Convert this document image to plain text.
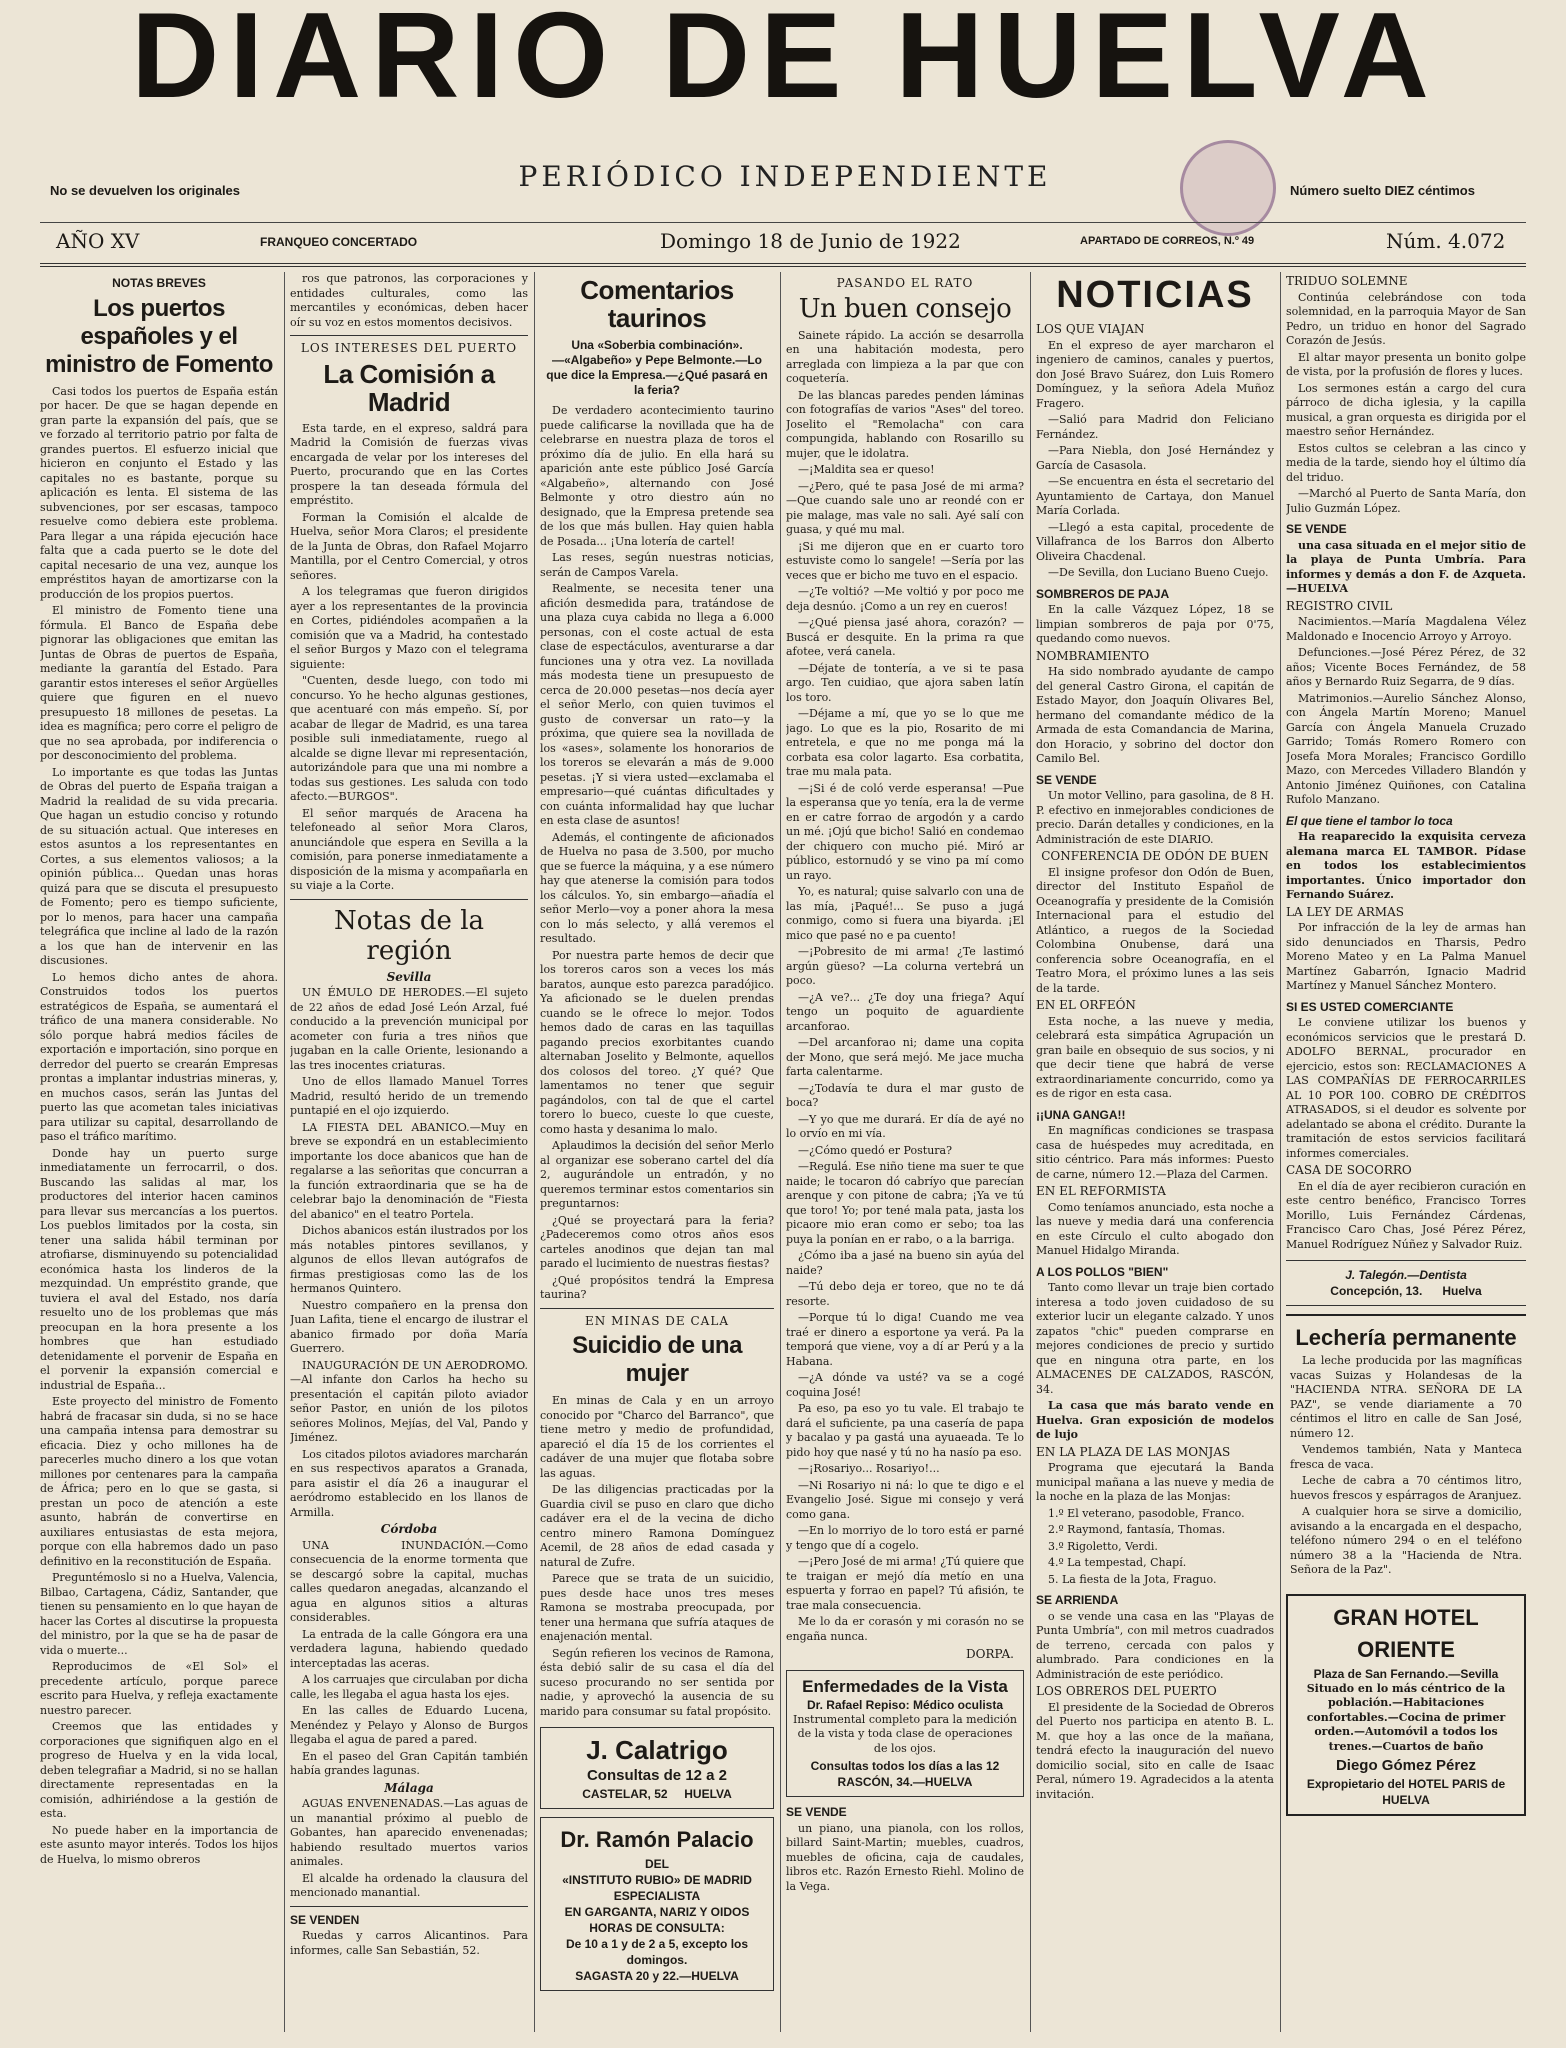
DIARIO DE HUELVA
PERIÓDICO INDEPENDIENTE
No se devuelven los originales	Número suelto DIEZ céntimos
AÑO XV	FRANQUEO CONCERTADO	Domingo 18 de Junio de 1922	APARTADO DE CORREOS, N.º 49	Núm. 4.072
NOTAS BREVES
Los puertos españoles y el ministro de Fomento

Casi todos los puertos de España están por hacer. De que se hagan depende en gran parte la expansión del país, que se ve forzado al territorio patrio por falta de grandes puertos. El esfuerzo inicial que hicieron en conjunto el Estado y las capitales no es bastante, porque su aplicación es lenta. El sistema de las subvenciones, por ser escasas, tampoco resuelve como debiera este problema. Para llegar a una rápida ejecución hace falta que a cada puerto se le dote del capital necesario de una vez, aunque los empréstitos hayan de amortizarse con la producción de los propios puertos.

El ministro de Fomento tiene una fórmula. El Banco de España debe pignorar las obligaciones que emitan las Juntas de Obras de puertos de España, mediante la garantía del Estado. Para garantir estos intereses el señor Argüelles quiere que figuren en el nuevo presupuesto 18 millones de pesetas. La idea es magnífica; pero corre el peligro de que no sea aprobada, por indiferencia o por desconocimiento del problema.

Lo importante es que todas las Juntas de Obras del puerto de España traigan a Madrid la realidad de su vida precaria. Que hagan un estudio conciso y rotundo de su situación actual. Que intereses en estos asuntos a los representantes en Cortes, a sus elementos valiosos; a la opinión pública... Quedan unas horas quizá para que se discuta el presupuesto de Fomento; pero es tiempo suficiente, por lo menos, para hacer una campaña telegráfica que incline al lado de la razón a los que han de intervenir en las discusiones.

Lo hemos dicho antes de ahora. Construidos todos los puertos estratégicos de España, se aumentará el tráfico de una manera considerable. No sólo porque habrá medios fáciles de exportación e importación, sino porque en derredor del puerto se crearán Empresas prontas a implantar industrias mineras, y, en muchos casos, serán las Juntas del puerto las que acometan tales iniciativas para utilizar su capital, desarrollando de paso el tráfico marítimo.

Donde hay un puerto surge inmediatamente un ferrocarril, o dos. Buscando las salidas al mar, los productores del interior hacen caminos para llevar sus mercancías a los puertos. Los pueblos limitados por la costa, sin tener una salida hábil terminan por atrofiarse, disminuyendo su potencialidad económica hasta los linderos de la mezquindad. Un empréstito grande, que tuviera el aval del Estado, nos daría resuelto uno de los problemas que más preocupan en la hora presente a los hombres que han estudiado detenidamente el porvenir de España en el porvenir la expansión comercial e industrial de España...

Este proyecto del ministro de Fomento habrá de fracasar sin duda, si no se hace una campaña intensa para demostrar su eficacia. Diez y ocho millones ha de parecerles mucho dinero a los que votan millones por centenares para la campaña de África; pero en lo que se gasta, si prestan un poco de atención a este asunto, habrán de convertirse en auxiliares entusiastas de esta mejora, porque con ella habremos dado un paso definitivo en la reconstitución de España.

Preguntémoslo si no a Huelva, Valencia, Bilbao, Cartagena, Cádiz, Santander, que tienen su pensamiento en lo que hayan de hacer las Cortes al discutirse la propuesta del ministro, por la que se ha de pasar de vida o muerte...

Reproducimos de «El Sol» el precedente artículo, porque parece escrito para Huelva, y refleja exactamente nuestro parecer.

Creemos que las entidades y corporaciones que signifiquen algo en el progreso de Huelva y en la vida local, deben telegrafiar a Madrid, si no se hallan directamente representadas en la comisión, adhiriéndose a la gestión de esta.

No puede haber en la importancia de este asunto mayor interés. Todos los hijos de Huelva, lo mismo obreros

ros que patronos, las corporaciones y entidades culturales, como las mercantiles y económicas, deben hacer oír su voz en estos momentos decisivos.

LOS INTERESES DEL PUERTO
La Comisión a Madrid

Esta tarde, en el expreso, saldrá para Madrid la Comisión de fuerzas vivas encargada de velar por los intereses del Puerto, procurando que en las Cortes prospere la tan deseada fórmula del empréstito.

Forman la Comisión el alcalde de Huelva, señor Mora Claros; el presidente de la Junta de Obras, don Rafael Mojarro Mantilla, por el Centro Comercial, y otros señores.

A los telegramas que fueron dirigidos ayer a los representantes de la provincia en Cortes, pidiéndoles acompañen a la comisión que va a Madrid, ha contestado el señor Burgos y Mazo con el telegrama siguiente:

"Cuenten, desde luego, con todo mi concurso. Yo he hecho algunas gestiones, que acentuaré con más empeño. Sí, por acabar de llegar de Madrid, es una tarea posible suli inmediatamente, ruego al alcalde se digne llevar mi representación, autorizándole para que una mi nombre a todas sus gestiones. Les saluda con todo afecto.—BURGOS".

El señor marqués de Aracena ha telefoneado al señor Mora Claros, anunciándole que espera en Sevilla a la comisión, para ponerse inmediatamente a disposición de la misma y acompañarla en su viaje a la Corte.

Notas de la región
Sevilla

UN ÉMULO DE HERODES.—El sujeto de 22 años de edad José León Arzal, fué conducido a la prevención municipal por acometer con furia a tres niños que jugaban en la calle Oriente, lesionando a las tres inocentes criaturas.

Uno de ellos llamado Manuel Torres Madrid, resultó herido de un tremendo puntapié en el ojo izquierdo.

LA FIESTA DEL ABANICO.—Muy en breve se expondrá en un establecimiento importante los doce abanicos que han de regalarse a las señoritas que concurran a la función extraordinaria que se ha de celebrar bajo la denominación de "Fiesta del abanico" en el teatro Portela.

Dichos abanicos están ilustrados por los más notables pintores sevillanos, y algunos de ellos llevan autógrafos de firmas prestigiosas como las de los hermanos Quintero.

Nuestro compañero en la prensa don Juan Lafita, tiene el encargo de ilustrar el abanico firmado por doña María Guerrero.

INAUGURACIÓN DE UN AERODROMO.—Al infante don Carlos ha hecho su presentación el capitán piloto aviador señor Pastor, en unión de los pilotos señores Molinos, Mejías, del Val, Pando y Jiménez.

Los citados pilotos aviadores marcharán en sus respectivos aparatos a Granada, para asistir el día 26 a inaugurar el aeródromo establecido en los llanos de Armilla.

Córdoba

UNA INUNDACIÓN.—Como consecuencia de la enorme tormenta que se descargó sobre la capital, muchas calles quedaron anegadas, alcanzando el agua en algunos sitios a alturas considerables.

La entrada de la calle Góngora era una verdadera laguna, habiendo quedado interceptadas las aceras.

A los carruajes que circulaban por dicha calle, les llegaba el agua hasta los ejes.

En las calles de Eduardo Lucena, Menéndez y Pelayo y Alonso de Burgos llegaba el agua de pared a pared.

En el paseo del Gran Capitán también había grandes lagunas.

Málaga

AGUAS ENVENENADAS.—Las aguas de un manantial próximo al pueblo de Gobantes, han aparecido envenenadas; habiendo resultado muertos varios animales.

El alcalde ha ordenado la clausura del mencionado manantial.

SE VENDEN

Ruedas y carros Alicantinos. Para informes, calle San Sebastián, 52.

Comentarios taurinos
Una «Soberbia combinación».—«Algabeño» y Pepe Belmonte.—Lo que dice la Empresa.—¿Qué pasará en la feria?

De verdadero acontecimiento taurino puede calificarse la novillada que ha de celebrarse en nuestra plaza de toros el próximo día de julio. En ella hará su aparición ante este público José García «Algabeño», alternando con José Belmonte y otro diestro aún no designado, que la Empresa pretende sea de los que más bullen. Hay quien habla de Posada... ¡Una lotería de cartel!

Las reses, según nuestras noticias, serán de Campos Varela.

Realmente, se necesita tener una afición desmedida para, tratándose de una plaza cuya cabida no llega a 6.000 personas, con el coste actual de esta clase de espectáculos, aventurarse a dar funciones una y otra vez. La novillada más modesta tiene un presupuesto de cerca de 20.000 pesetas—nos decía ayer el señor Merlo, con quien tuvimos el gusto de conversar un rato—y la próxima, que quiere sea la novillada de los «ases», solamente los honorarios de los toreros se elevarán a más de 9.000 pesetas. ¡Y si viera usted—exclamaba el empresario—qué cuántas dificultades y con cuánta informalidad hay que luchar en esta clase de asuntos!

Además, el contingente de aficionados de Huelva no pasa de 3.500, por mucho que se fuerce la máquina, y a ese número hay que atenerse la comisión para todos los cálculos. Yo, sin embargo—añadía el señor Merlo—voy a poner ahora la mesa con lo más selecto, y allá veremos el resultado.

Por nuestra parte hemos de decir que los toreros caros son a veces los más baratos, aunque esto parezca paradójico. Ya aficionado se le duelen prendas cuando se le ofrece lo mejor. Todos hemos dado de caras en las taquillas pagando precios exorbitantes cuando alternaban Joselito y Belmonte, aquellos dos colosos del toreo. ¿Y qué? Que lamentamos no tener que seguir pagándolos, con tal de que el cartel torero lo bueco, cueste lo que cueste, como hasta y desanima lo malo.

Aplaudimos la decisión del señor Merlo al organizar ese soberano cartel del día 2, augurándole un entradón, y no queremos terminar estos comentarios sin preguntarnos:

¿Qué se proyectará para la feria? ¿Padeceremos como otros años esos carteles anodinos que dejan tan mal parado el lucimiento de nuestras fiestas?

¿Qué propósitos tendrá la Empresa taurina?

EN MINAS DE CALA
Suicidio de una mujer

En minas de Cala y en un arroyo conocido por "Charco del Barranco", que tiene metro y medio de profundidad, apareció el día 15 de los corrientes el cadáver de una mujer que flotaba sobre las aguas.

De las diligencias practicadas por la Guardia civil se puso en claro que dicho cadáver era el de la vecina de dicho centro minero Ramona Domínguez Acemil, de 28 años de edad casada y natural de Zufre.

Parece que se trata de un suicidio, pues desde hace unos tres meses Ramona se mostraba preocupada, por tener una hermana que sufría ataques de enajenación mental.

Según refieren los vecinos de Ramona, ésta debió salir de su casa el día del suceso procurando no ser sentida por nadie, y aprovechó la ausencia de su marido para consumar su fatal propósito.

J. Calatrigo
Consultas de 12 a 2
CASTELAR, 52 HUELVA
Dr. Ramón Palacio
DEL
«INSTITUTO RUBIO» DE MADRID
ESPECIALISTA
EN GARGANTA, NARIZ Y OIDOS
HORAS DE CONSULTA:
De 10 a 1 y de 2 a 5, excepto los domingos.
SAGASTA 20 y 22.—HUELVA
PASANDO EL RATO
Un buen consejo

Sainete rápido. La acción se desarrolla en una habitación modesta, pero arreglada con limpieza a la par que con coquetería.

De las blancas paredes penden láminas con fotografías de varios "Ases" del toreo. Joselito el "Remolacha" con cara compungida, hablando con Rosarillo su mujer, que le idolatra.

—¡Maldita sea er queso!

—¿Pero, qué te pasa José de mi arma? —Que cuando sale uno ar reondé con er pie malage, mas vale no sali. Ayé salí con guasa, y qué mu mal.

¡Si me dijeron que en er cuarto toro estuviste como lo sangele! —Sería por las veces que er bicho me tuvo en el espacio.

—¿Te voltió? —Me voltió y por poco me deja desnúo. ¡Como a un rey en cueros!

—¿Qué piensa jasé ahora, corazón? —Buscá er desquite. En la prima ra que afotee, verá canela.

—Déjate de tontería, a ve si te pasa argo. Ten cuidiao, que ajora saben latín los toro.

—Déjame a mí, que yo se lo que me jago. Lo que es la pio, Rosarito de mi entretela, e que no me ponga má la corbata esa color lagarto. Esa corbatita, trae mu mala pata.

—¡Si é de coló verde esperansa! —Pue la esperansa que yo tenía, era la de verme en er catre forrao de argodón y a cardo un mé. ¡Ojú que bicho! Salió en condemao der chiquero con mucho pié. Miró ar público, estornudó y se vino pa mí como un rayo.

Yo, es natural; quise salvarlo con una de las mía, ¡Paqué!... Se puso a jugá conmigo, como si fuera una biyarda. ¡El mico que pasé no e pa cuento!

—¡Pobresito de mi arma! ¿Te lastimó argún güeso? —La colurna vertebrá un poco.

—¿A ve?... ¿Te doy una friega? Aquí tengo un poquito de aguardiente arcanforao.

—Del arcanforao ni; dame una copita der Mono, que será mejó. Me jace mucha farta calentarme.

—¿Todavía te dura el mar gusto de boca?

—Y yo que me durará. Er día de ayé no lo orvío en mi vía.

—¿Cómo quedó er Postura?

—Regulá. Ese niño tiene ma suer te que naide; le tocaron dó cabríyo que parecían arenque y con pitone de cabra; ¡Ya ve tú que toro! Yo; por tené mala pata, jasta los picaore mio eran como er sebo; toa las puya la ponían en er rabo, o a la barriga.

¿Cómo iba a jasé na bueno sin ayúa del naide?

—Tú debo deja er toreo, que no te dá resorte.

—Porque tú lo diga! Cuando me vea traé er dinero a esportone ya verá. Pa la temporá que viene, voy a dí ar Perú y a la Habana.

—¿A dónde va usté? va se a cogé coquina José!

Pa eso, pa eso yo tu vale. El trabajo te dará el suficiente, pa una casería de papa y bacalao y pa gastá una ayuaeada. Te lo pido hoy que nasé y tú no ha nasío pa eso.

—¡Rosariyo... Rosariyo!...

—Ni Rosariyo ni ná: lo que te digo e el Evangelio José. Sigue mi consejo y verá como gana.

—En lo morriyo de lo toro está er parné y tengo que dí a cogelo.

—¡Pero José de mi arma! ¿Tú quiere que te traigan er mejó día metío en una espuerta y forrao en papel? Tú afisión, te trae mala consecuencia.

Me lo da er corasón y mi corasón no se engaña nunca.

DORPA.
Enfermedades de la Vista
Dr. Rafael Repiso: Médico oculista

Instrumental completo para la medición de la vista y toda clase de operaciones de los ojos.

Consultas todos los días a las 12
RASCÓN, 34.—HUELVA
SE VENDE

un piano, una pianola, con los rollos, billard Saint-Martin; muebles, cuadros, muebles de oficina, caja de caudales, libros etc. Razón Ernesto Riehl. Molino de la Vega.

NOTICIAS
LOS QUE VIAJAN

En el expreso de ayer marcharon el ingeniero de caminos, canales y puertos, don José Bravo Suárez, don Luis Romero Domínguez, y la señora Adela Muñoz Fragero.

—Salió para Madrid don Feliciano Fernández.

—Para Niebla, don José Hernández y García de Casasola.

—Se encuentra en ésta el secretario del Ayuntamiento de Cartaya, don Manuel María Corlada.

—Llegó a esta capital, procedente de Villafranca de los Barros don Alberto Oliveira Chacdenal.

—De Sevilla, don Luciano Bueno Cuejo.

SOMBREROS DE PAJA

En la calle Vázquez López, 18 se limpian sombreros de paja por 0'75, quedando como nuevos.

NOMBRAMIENTO

Ha sido nombrado ayudante de campo del general Castro Girona, el capitán de Estado Mayor, don Joaquín Olivares Bel, hermano del comandante médico de la Armada de esta Comandancia de Marina, don Horacio, y sobrino del doctor don Camilo Bel.

SE VENDE

Un motor Vellino, para gasolina, de 8 H. P. efectivo en inmejorables condiciones de precio. Darán detalles y condiciones, en la Administración de este DIARIO.

CONFERENCIA DE ODÓN DE BUEN

El insigne profesor don Odón de Buen, director del Instituto Español de Oceanografía y presidente de la Comisión Internacional para el estudio del Atlántico, a ruegos de la Sociedad Colombina Onubense, dará una conferencia sobre Oceanografía, en el Teatro Mora, el próximo lunes a las seis de la tarde.

EN EL ORFEÓN

Esta noche, a las nueve y media, celebrará esta simpática Agrupación un gran baile en obsequio de sus socios, y ni que decir tiene que habrá de verse extraordinariamente concurrido, como ya es de rigor en esta casa.

¡¡UNA GANGA!!

En magníficas condiciones se traspasa casa de huéspedes muy acreditada, en sitio céntrico. Para más informes: Puesto de carne, número 12.—Plaza del Carmen.

EN EL REFORMISTA

Como teníamos anunciado, esta noche a las nueve y media dará una conferencia en este Círculo el culto abogado don Manuel Hidalgo Miranda.

A LOS POLLOS "BIEN"

Tanto como llevar un traje bien cortado interesa a todo joven cuidadoso de su exterior lucir un elegante calzado. Y unos zapatos "chic" pueden comprarse en mejores condiciones de precio y surtido que en ninguna otra parte, en los ALMACENES DE CALZADOS, RASCÓN, 34.

La casa que más barato vende en Huelva. Gran exposición de modelos de lujo

EN LA PLAZA DE LAS MONJAS

Programa que ejecutará la Banda municipal mañana a las nueve y media de la noche en la plaza de las Monjas:

1.º El veterano, pasodoble, Franco.

2.º Raymond, fantasía, Thomas.

3.º Rigoletto, Verdi.

4.º La tempestad, Chapí.

5. La fiesta de la Jota, Fraguo.

SE ARRIENDA

o se vende una casa en las "Playas de Punta Umbría", con mil metros cuadrados de terreno, cercada con palos y alumbrado. Para condiciones en la Administración de este periódico.

LOS OBREROS DEL PUERTO

El presidente de la Sociedad de Obreros del Puerto nos participa en atento B. L. M. que hoy a las once de la mañana, tendrá efecto la inauguración del nuevo domicilio social, sito en calle de Isaac Peral, número 19. Agradecidos a la atenta invitación.

TRIDUO SOLEMNE

Continúa celebrándose con toda solemnidad, en la parroquia Mayor de San Pedro, un triduo en honor del Sagrado Corazón de Jesús.

El altar mayor presenta un bonito golpe de vista, por la profusión de flores y luces.

Los sermones están a cargo del cura párroco de dicha iglesia, y la capilla musical, a gran orquesta es dirigida por el maestro señor Hernández.

Estos cultos se celebran a las cinco y media de la tarde, siendo hoy el último día del triduo.

—Marchó al Puerto de Santa María, don Julio Guzmán López.

SE VENDE

una casa situada en el mejor sitio de la playa de Punta Umbría. Para informes y demás a don F. de Azqueta.—HUELVA

REGISTRO CIVIL

Nacimientos.—María Magdalena Vélez Maldonado e Inocencio Arroyo y Arroyo.

Defunciones.—José Pérez Pérez, de 32 años; Vicente Boces Fernández, de 58 años y Bernardo Ruiz Segarra, de 9 días.

Matrimonios.—Aurelio Sánchez Alonso, con Ángela Martín Moreno; Manuel García con Ángela Manuela Cruzado Garrido; Tomás Romero Romero con Josefa Mora Morales; Francisco Gordillo Mazo, con Mercedes Villadero Blandón y Antonio Jiménez Quiñones, con Catalina Rufolo Manzano.

El que tiene el tambor lo toca

Ha reaparecido la exquisita cerveza alemana marca EL TAMBOR. Pídase en todos los establecimientos importantes. Único importador don Fernando Suárez.

LA LEY DE ARMAS

Por infracción de la ley de armas han sido denunciados en Tharsis, Pedro Moreno Mateo y en La Palma Manuel Martínez Gabarrón, Ignacio Madrid Martínez y Manuel Sánchez Montero.

SI ES USTED COMERCIANTE

Le conviene utilizar los buenos y económicos servicios que le prestará D. ADOLFO BERNAL, procurador en ejercicio, estos son: RECLAMACIONES A LAS COMPAÑÍAS DE FERROCARRILES AL 10 POR 100. COBRO DE CRÉDITOS ATRASADOS, si el deudor es solvente por adelantado se abona el crédito. Durante la tramitación de estos servicios facilitará informes comerciales.

CASA DE SOCORRO

En el día de ayer recibieron curación en este centro benéfico, Francisco Torres Morillo, Luis Fernández Cárdenas, Francisco Caro Chas, José Pérez Pérez, Manuel Rodríguez Núñez y Salvador Ruiz.

J. Talegón.—Dentista
Concepción, 13. Huelva
Lechería permanente

La leche producida por las magníficas vacas Suizas y Holandesas de la "HACIENDA NTRA. SEÑORA DE LA PAZ", se vende diariamente a 70 céntimos el litro en calle de San José, número 12.

Vendemos también, Nata y Manteca fresca de vaca.

Leche de cabra a 70 céntimos litro, huevos frescos y espárragos de Aranjuez.

A cualquier hora se sirve a domicilio, avisando a la encargada en el despacho, teléfono número 294 o en el teléfono número 38 a la "Hacienda de Ntra. Señora de la Paz".

GRAN HOTEL ORIENTE
Plaza de San Fernando.—Sevilla

Situado en lo más céntrico de la población.—Habitaciones confortables.—Cocina de primer orden.—Automóvil a todos los trenes.—Cuartos de baño

Diego Gómez Pérez
Expropietario del HOTEL PARIS de HUELVA
